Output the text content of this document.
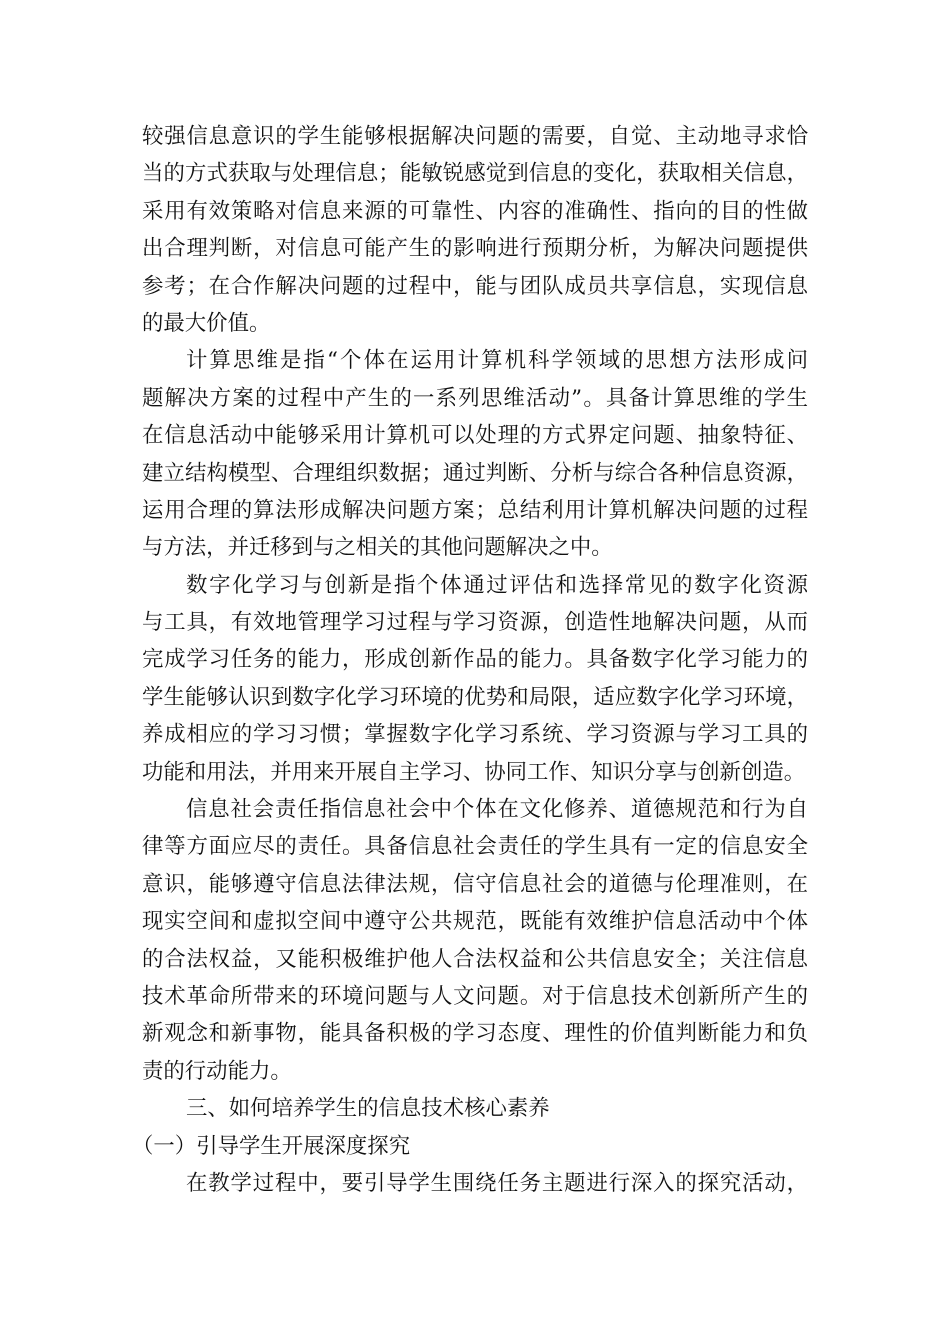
较强信息意识的学生能够根据解决问题的需要，自觉、主动地寻求恰
当的方式获取与处理信息；能敏锐感觉到信息的变化，获取相关信息，
采用有效策略对信息来源的可靠性、内容的准确性、指向的目的性做
出合理判断，对信息可能产生的影响进行预期分析，为解决问题提供
参考；在合作解决问题的过程中，能与团队成员共享信息，实现信息
的最大价值。
计算思维是指“个体在运用计算机科学领域的思想方法形成问
题解决方案的过程中产生的一系列思维活动”。具备计算思维的学生
在信息活动中能够采用计算机可以处理的方式界定问题、抽象特征、
建立结构模型、合理组织数据；通过判断、分析与综合各种信息资源，
运用合理的算法形成解决问题方案；总结利用计算机解决问题的过程
与方法，并迁移到与之相关的其他问题解决之中。
数字化学习与创新是指个体通过评估和选择常见的数字化资源
与工具，有效地管理学习过程与学习资源，创造性地解决问题，从而
完成学习任务的能力，形成创新作品的能力。具备数字化学习能力的
学生能够认识到数字化学习环境的优势和局限，适应数字化学习环境，
养成相应的学习习惯；掌握数字化学习系统、学习资源与学习工具的
功能和用法，并用来开展自主学习、协同工作、知识分享与创新创造。
信息社会责任指信息社会中个体在文化修养、道德规范和行为自
律等方面应尽的责任。具备信息社会责任的学生具有一定的信息安全
意识，能够遵守信息法律法规，信守信息社会的道德与伦理准则，在
现实空间和虚拟空间中遵守公共规范，既能有效维护信息活动中个体
的合法权益，又能积极维护他人合法权益和公共信息安全；关注信息
技术革命所带来的环境问题与人文问题。对于信息技术创新所产生的
新观念和新事物，能具备积极的学习态度、理性的价值判断能力和负
责的行动能力。
三、如何培养学生的信息技术核心素养
（一）引导学生开展深度探究
在教学过程中，要引导学生围绕任务主题进行深入的探究活动，
